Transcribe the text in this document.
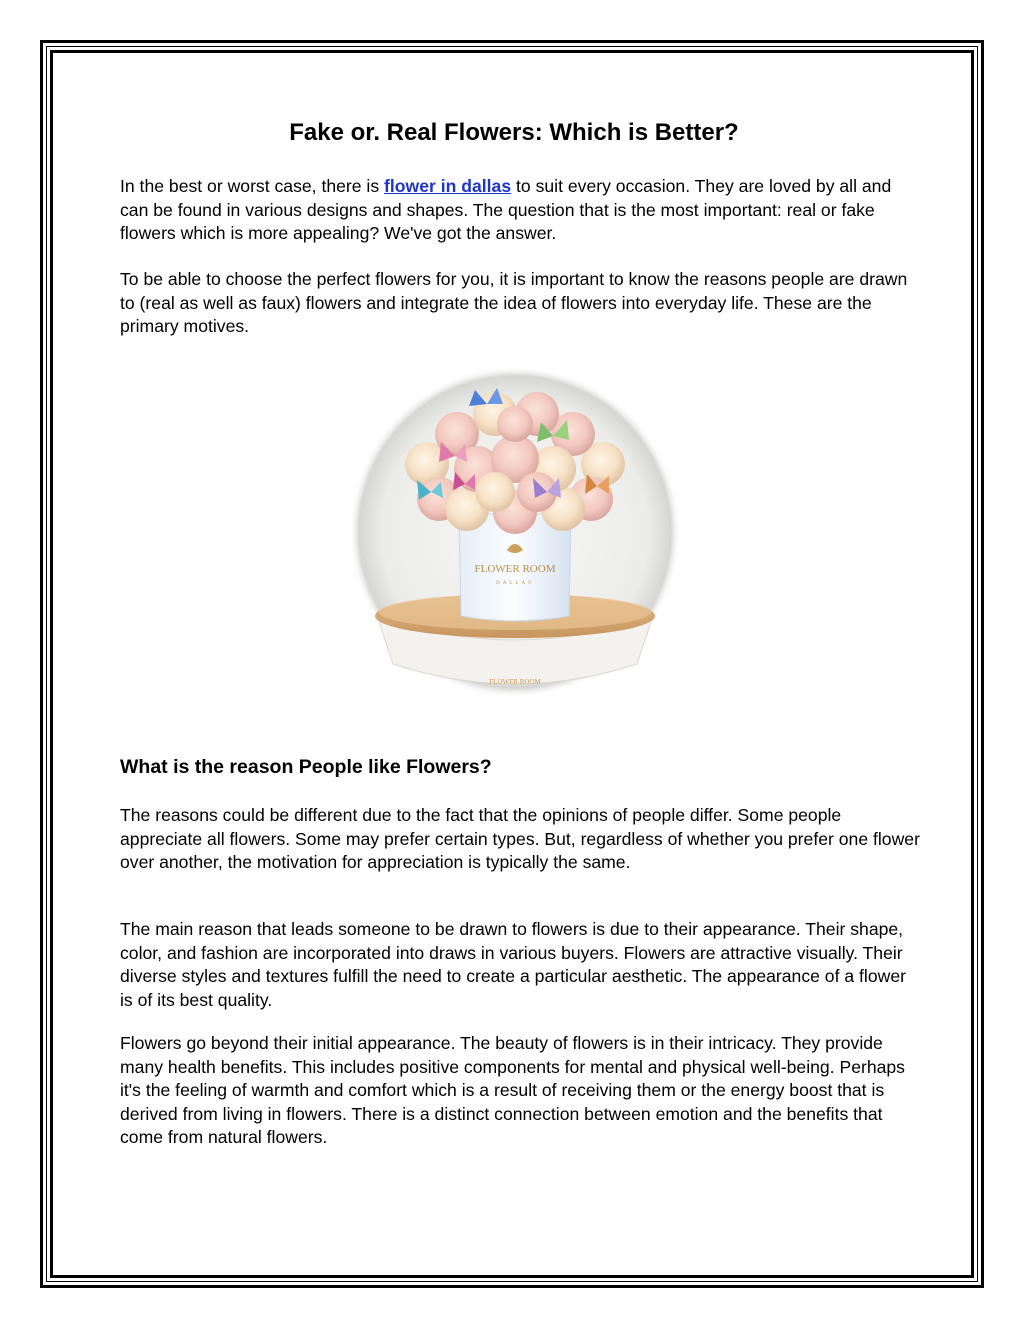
Fake or. Real Flowers: Which is Better?

In the best or worst case, there is flower in dallas to suit every occasion. They are loved by all and can be found in various designs and shapes. The question that is the most important: real or fake flowers which is more appealing? We've got the answer.

To be able to choose the perfect flowers for you, it is important to know the reasons people are drawn to (real as well as faux) flowers and integrate the idea of flowers into everyday life. These are the primary motives.

What is the reason People like Flowers?

The reasons could be different due to the fact that the opinions of people differ. Some people appreciate all flowers. Some may prefer certain types. But, regardless of whether you prefer one flower over another, the motivation for appreciation is typically the same.

The main reason that leads someone to be drawn to flowers is due to their appearance. Their shape, color, and fashion are incorporated into draws in various buyers. Flowers are attractive visually. Their diverse styles and textures fulfill the need to create a particular aesthetic. The appearance of a flower is of its best quality.

Flowers go beyond their initial appearance. The beauty of flowers is in their intricacy. They provide many health benefits. This includes positive components for mental and physical well-being. Perhaps it's the feeling of warmth and comfort which is a result of receiving them or the energy boost that is derived from living in flowers. There is a distinct connection between emotion and the benefits that come from natural flowers.

FLOWER ROOM
FLOWER ROOM
DALLAS
